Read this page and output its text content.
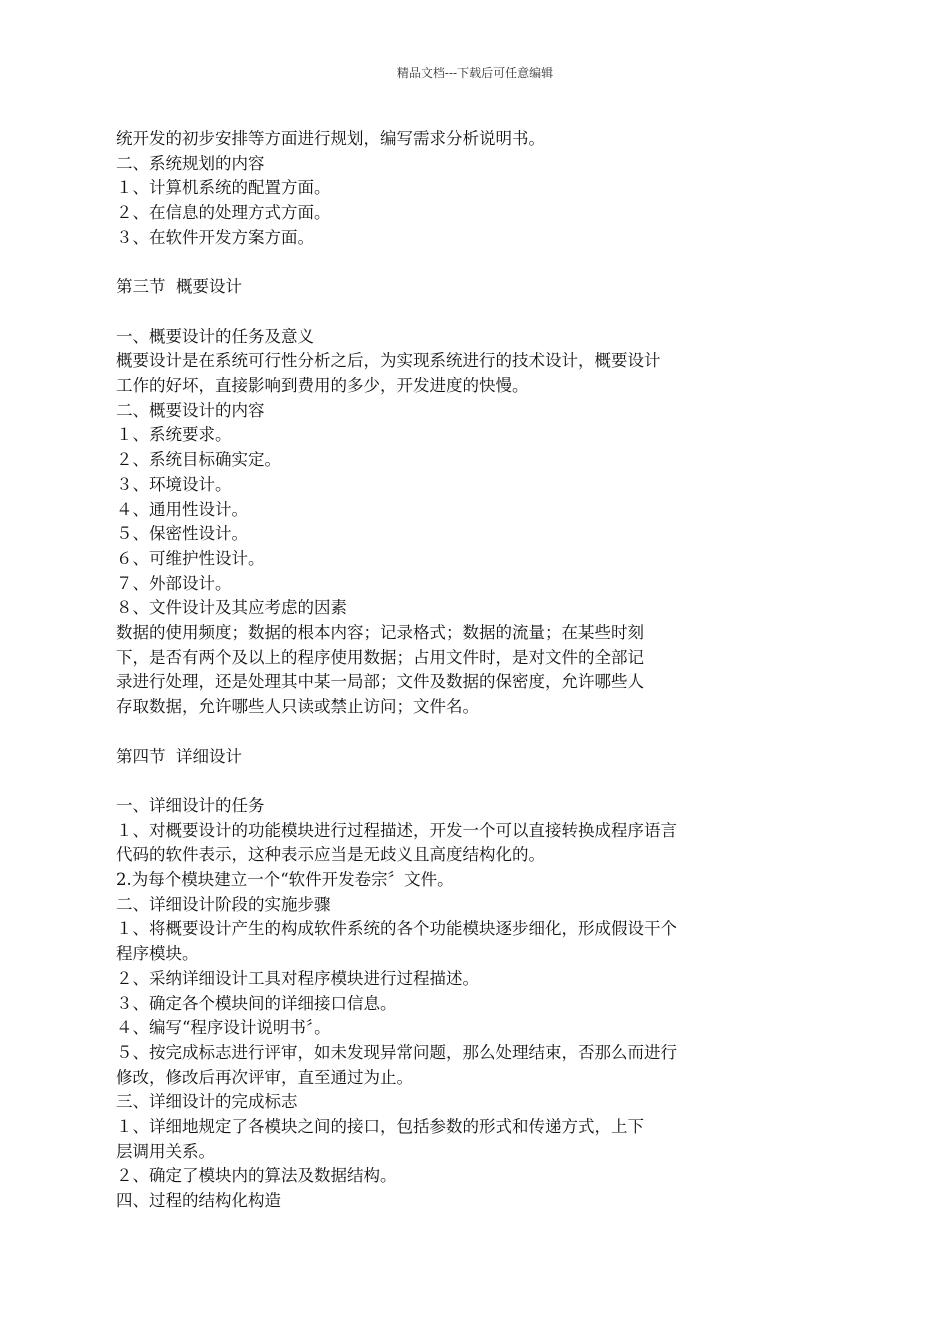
精品文档---下载后可任意编辑
统开发的初步安排等方面进行规划，编写需求分析说明书。
二、系统规划的内容
１、计算机系统的配置方面。
２、在信息的处理方式方面。
３、在软件开发方案方面。
第三节  概要设计
一、概要设计的任务及意义
概要设计是在系统可行性分析之后，为实现系统进行的技术设计，概要设计
工作的好坏，直接影响到费用的多少，开发进度的快慢。
二、概要设计的内容
１、系统要求。
２、系统目标确实定。
３、环境设计。
４、通用性设计。
５、保密性设计。
６、可维护性设计。
７、外部设计。
８、文件设计及其应考虑的因素
数据的使用频度；数据的根本内容；记录格式；数据的流量；在某些时刻
下，是否有两个及以上的程序使用数据；占用文件时，是对文件的全部记
录进行处理，还是处理其中某一局部；文件及数据的保密度，允许哪些人
存取数据，允许哪些人只读或禁止访问；文件名。
第四节  详细设计
一、详细设计的任务
１、对概要设计的功能模块进行过程描述，开发一个可以直接转换成程序语言
代码的软件表示，这种表示应当是无歧义且高度结构化的。
2.为每个模块建立一个“软件开发卷宗〞文件。
二、详细设计阶段的实施步骤
１、将概要设计产生的构成软件系统的各个功能模块逐步细化，形成假设干个
程序模块。
２、采纳详细设计工具对程序模块进行过程描述。
３、确定各个模块间的详细接口信息。
４、编写“程序设计说明书〞。
５、按完成标志进行评审，如未发现异常问题，那么处理结束，否那么而进行
修改，修改后再次评审，直至通过为止。
三、详细设计的完成标志
１、详细地规定了各模块之间的接口，包括参数的形式和传递方式，上下
层调用关系。
２、确定了模块内的算法及数据结构。
四、过程的结构化构造
